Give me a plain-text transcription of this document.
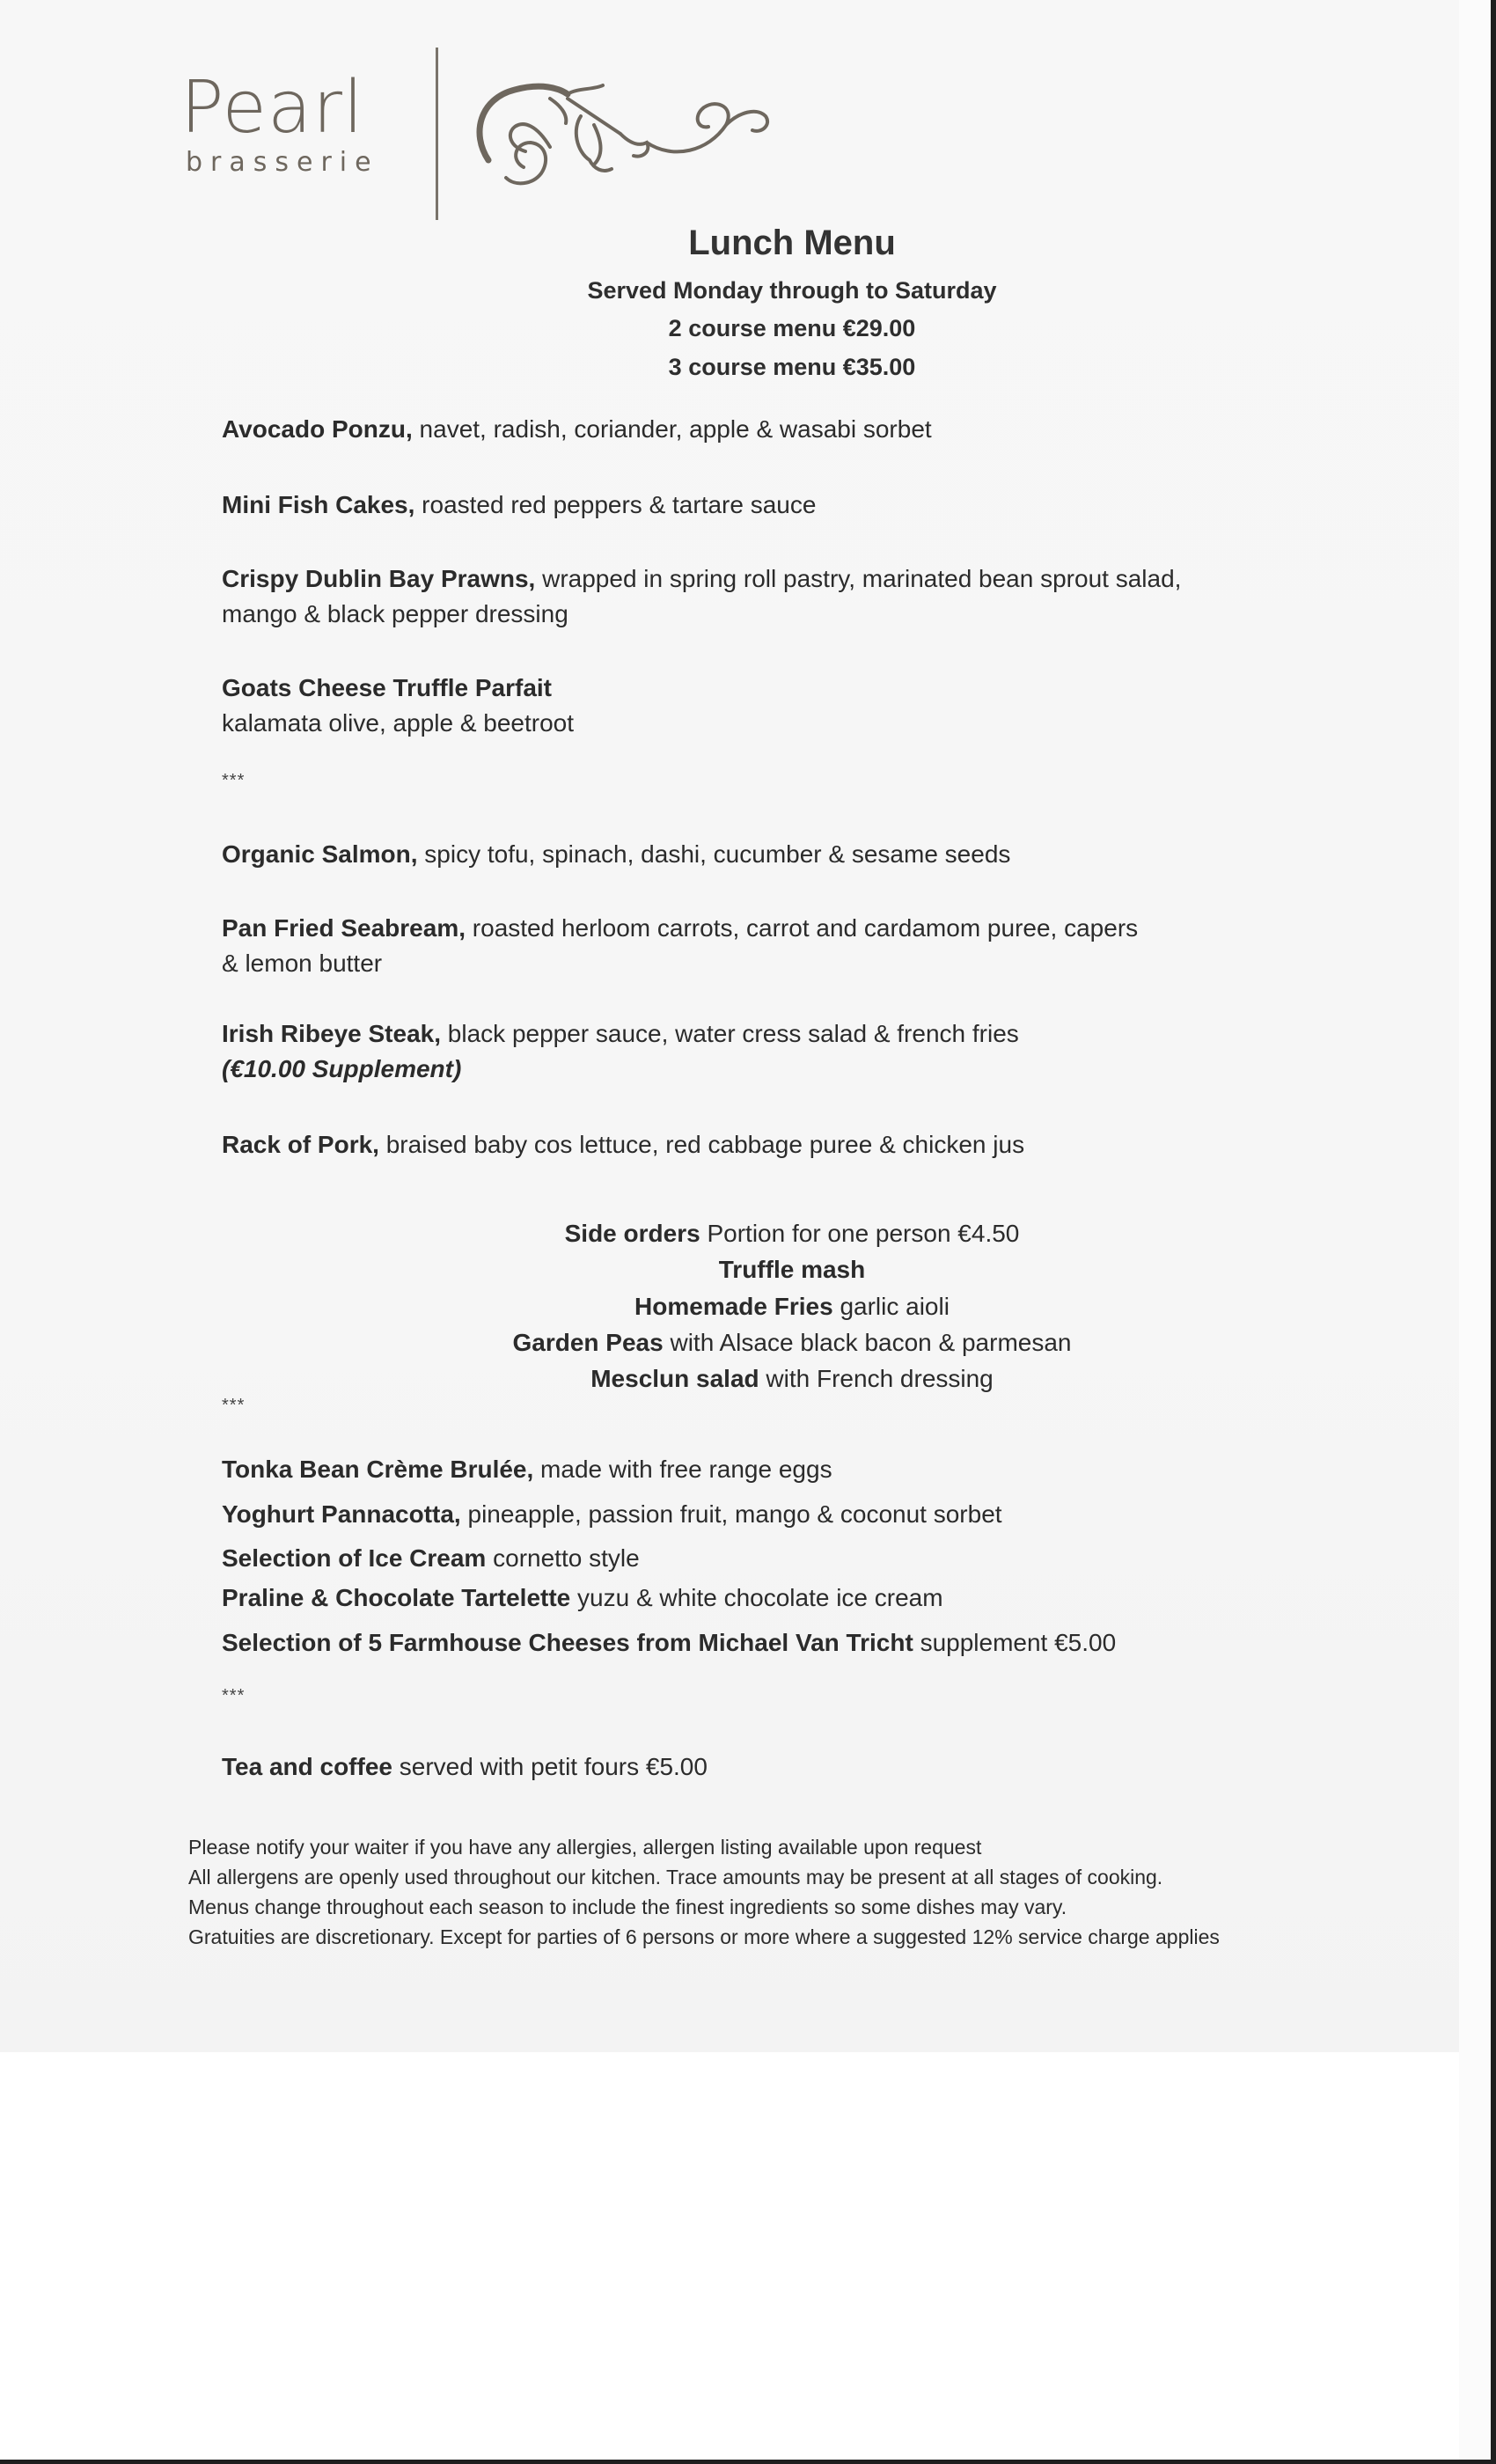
Pearl
brasserie
Lunch Menu
Served Monday through to Saturday
2 course menu €29.00
3 course menu €35.00
Avocado Ponzu, navet, radish, coriander, apple & wasabi sorbet
Mini Fish Cakes, roasted red peppers & tartare sauce
Crispy Dublin Bay Prawns, wrapped in spring roll pastry, marinated bean sprout salad,
mango & black pepper dressing
Goats Cheese Truffle Parfait
kalamata olive, apple & beetroot
***
Organic Salmon, spicy tofu, spinach, dashi, cucumber & sesame seeds
Pan Fried Seabream, roasted herloom carrots, carrot and cardamom puree, capers
& lemon butter
Irish Ribeye Steak, black pepper sauce, water cress salad & french fries
(€10.00 Supplement)
Rack of Pork, braised baby cos lettuce, red cabbage puree & chicken jus
Side orders Portion for one person €4.50
Truffle mash
Homemade Fries garlic aioli
Garden Peas with Alsace black bacon & parmesan
Mesclun salad with French dressing
***
Tonka Bean Crème Brulée, made with free range eggs
Yoghurt Pannacotta, pineapple, passion fruit, mango & coconut sorbet
Selection of Ice Cream cornetto style
Praline & Chocolate Tartelette yuzu & white chocolate ice cream
Selection of 5 Farmhouse Cheeses from Michael Van Tricht supplement €5.00
***
Tea and coffee served with petit fours €5.00
Please notify your waiter if you have any allergies, allergen listing available upon request
All allergens are openly used throughout our kitchen. Trace amounts may be present at all stages of cooking.
Menus change throughout each season to include the finest ingredients so some dishes may vary.
Gratuities are discretionary. Except for parties of 6 persons or more where a suggested 12% service charge applies
